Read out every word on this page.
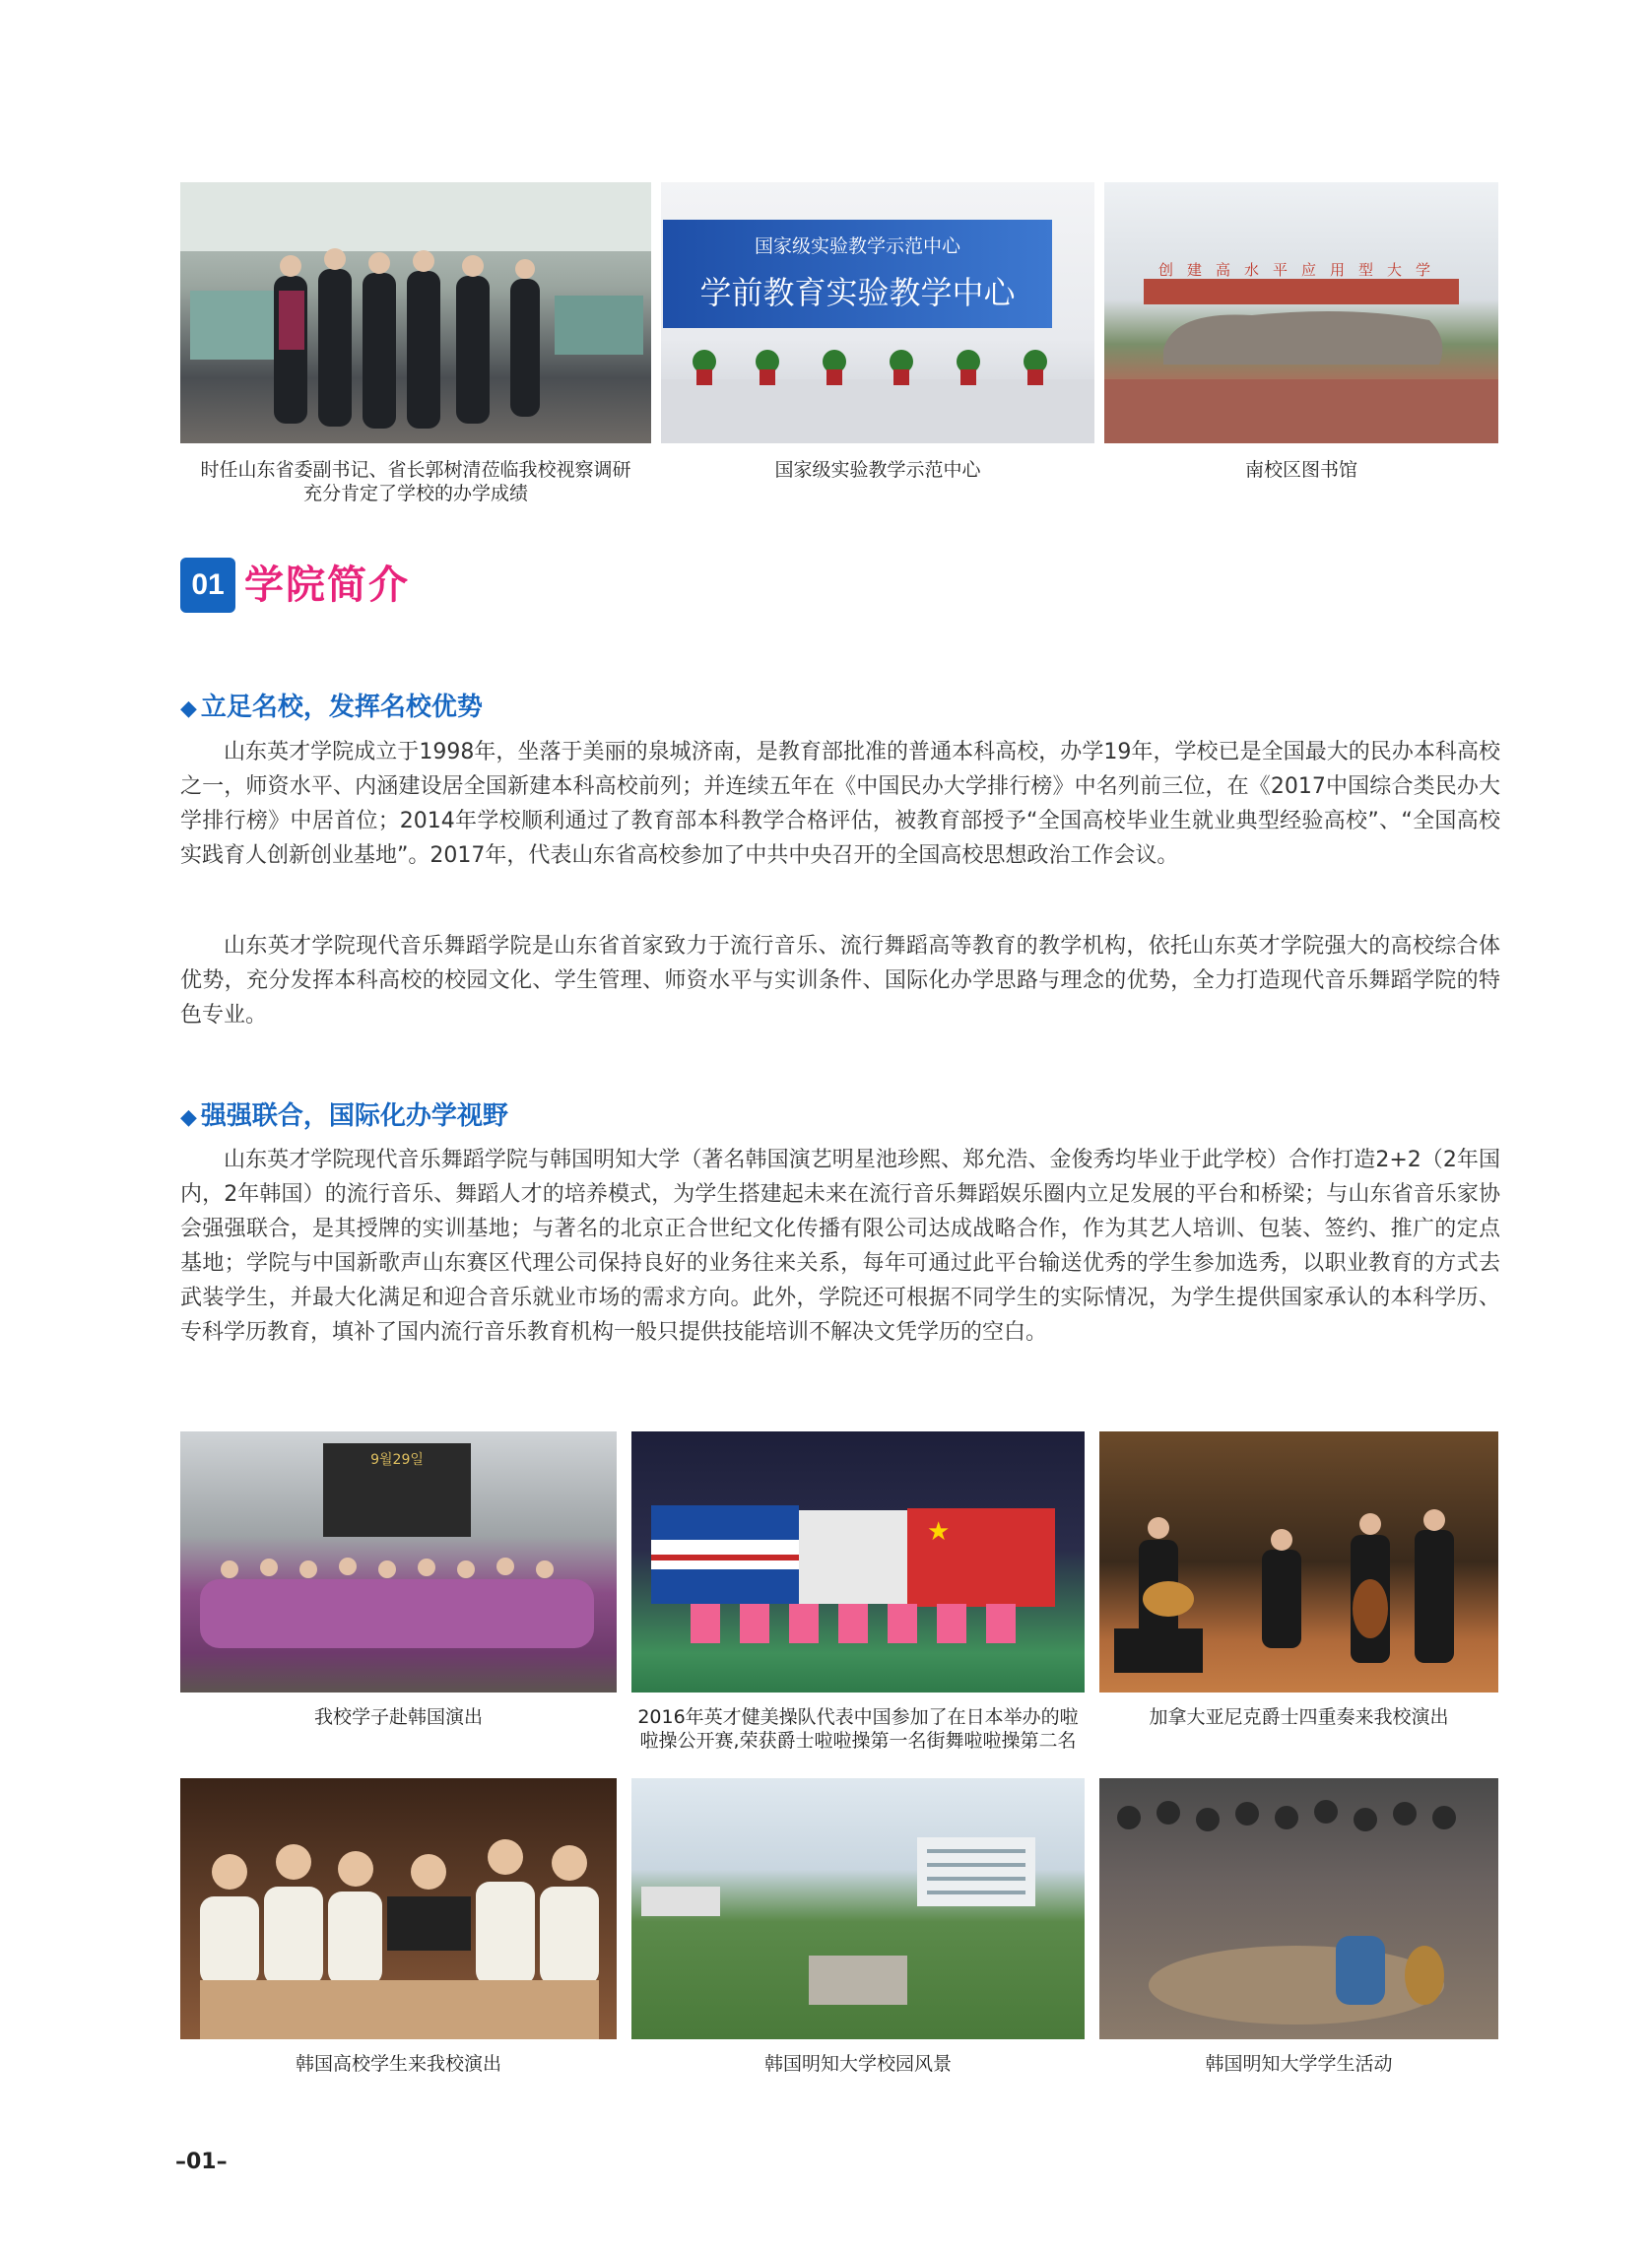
国家级实验教学示范中心
学前教育实验教学中心
创建高水平应用型大学
时任山东省委副书记、省长郭树清莅临我校视察调研
充分肯定了学校的办学成绩
国家级实验教学示范中心	南校区图书馆
01 学院简介
◆ 立足名校，发挥名校优势

山东英才学院成立于1998年，坐落于美丽的泉城济南，是教育部批准的普通本科高校，办学19年，学校已是全国最大的民办本科高校之一，师资水平、内涵建设居全国新建本科高校前列；并连续五年在《中国民办大学排行榜》中名列前三位，在《2017中国综合类民办大学排行榜》中居首位；2014年学校顺利通过了教育部本科教学合格评估，被教育部授予“全国高校毕业生就业典型经验高校”、“全国高校实践育人创新创业基地”。2017年，代表山东省高校参加了中共中央召开的全国高校思想政治工作会议。

山东英才学院现代音乐舞蹈学院是山东省首家致力于流行音乐、流行舞蹈高等教育的教学机构，依托山东英才学院强大的高校综合体优势，充分发挥本科高校的校园文化、学生管理、师资水平与实训条件、国际化办学思路与理念的优势，全力打造现代音乐舞蹈学院的特色专业。

◆ 强强联合，国际化办学视野

山东英才学院现代音乐舞蹈学院与韩国明知大学（著名韩国演艺明星池珍熙、郑允浩、金俊秀均毕业于此学校）合作打造2+2（2年国内，2年韩国）的流行音乐、舞蹈人才的培养模式，为学生搭建起未来在流行音乐舞蹈娱乐圈内立足发展的平台和桥梁；与山东省音乐家协会强强联合，是其授牌的实训基地；与著名的北京正合世纪文化传播有限公司达成战略合作，作为其艺人培训、包装、签约、推广的定点基地；学院与中国新歌声山东赛区代理公司保持良好的业务往来关系，每年可通过此平台输送优秀的学生参加选秀，以职业教育的方式去武装学生，并最大化满足和迎合音乐就业市场的需求方向。此外，学院还可根据不同学生的实际情况，为学生提供国家承认的本科学历、专科学历教育，填补了国内流行音乐教育机构一般只提供技能培训不解决文凭学历的空白。

9월29일
★
我校学子赴韩国演出	2016年英才健美操队代表中国参加了在日本举办的啦
啦操公开赛,荣获爵士啦啦操第一名街舞啦啦操第二名
加拿大亚尼克爵士四重奏来我校演出
韩国高校学生来我校演出	韩国明知大学校园风景	韩国明知大学学生活动
–01–
